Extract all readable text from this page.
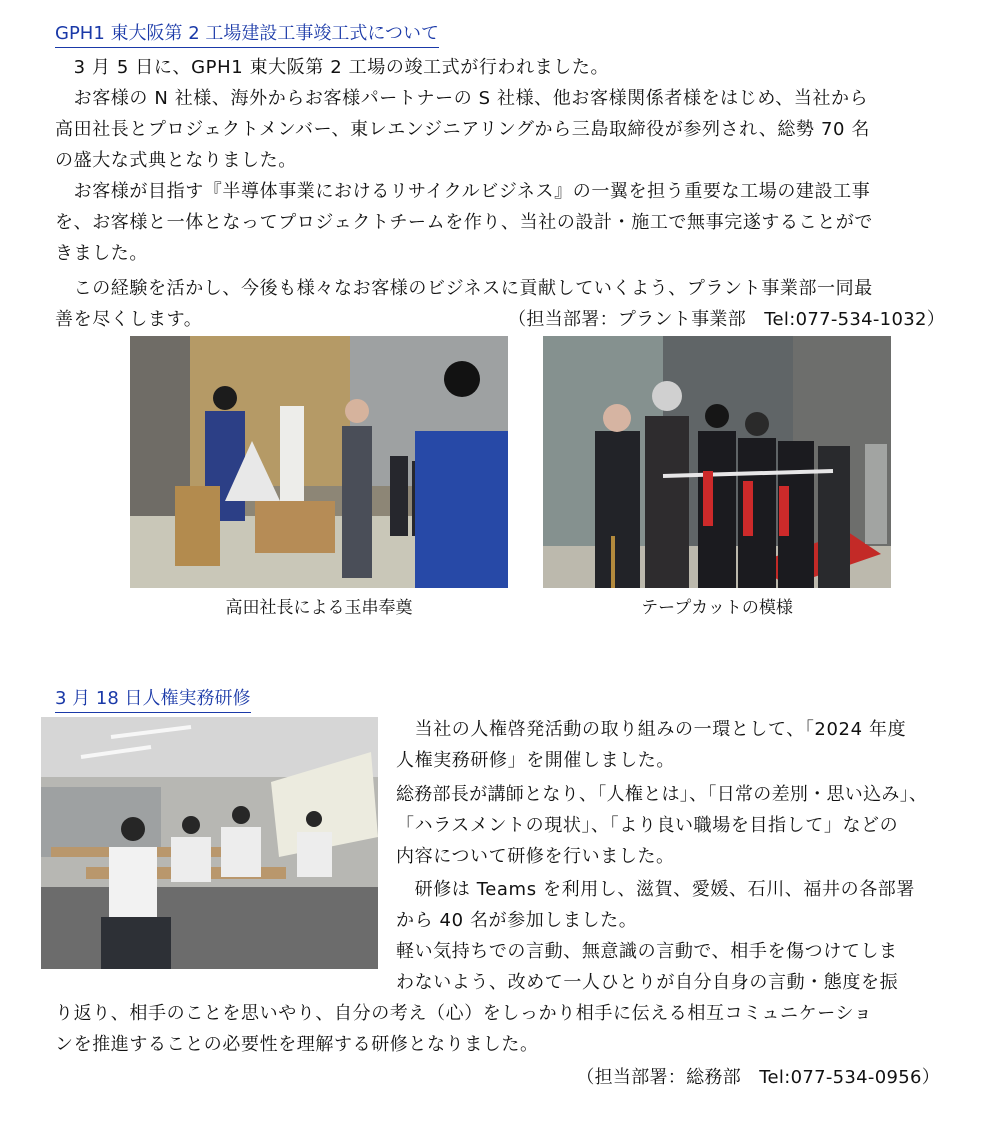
GPH1 東大阪第 2 工場建設工事竣工式について
　3 月 5 日に、GPH1 東大阪第 2 工場の竣工式が行われました。
　お客様の N 社様、海外からお客様パートナーの S 社様、他お客様関係者様をはじめ、当社から
高田社長とプロジェクトメンバー、東レエンジニアリングから三島取締役が参列され、総勢 70 名
の盛大な式典となりました。
　お客様が目指す『半導体事業におけるリサイクルビジネス』の一翼を担う重要な工場の建設工事
を、お客様と一体となってプロジェクトチームを作り、当社の設計・施工で無事完遂することがで
きました。
　この経験を活かし、今後も様々なお客様のビジネスに貢献していくよう、プラント事業部一同最
善を尽くします。	（担当部署：プラント事業部　Tel:077-534-1032）
高田社長による玉串奉奠	テープカットの模様
3 月 18 日人権実務研修
　当社の人権啓発活動の取り組みの一環として、「2024 年度
人権実務研修」を開催しました。
総務部長が講師となり、「人権とは」、「日常の差別・思い込み」、
「ハラスメントの現状」、「より良い職場を目指して」などの
内容について研修を行いました。
　研修は Teams を利用し、滋賀、愛媛、石川、福井の各部署
から 40 名が参加しました。
軽い気持ちでの言動、無意識の言動で、相手を傷つけてしま
わないよう、改めて一人ひとりが自分自身の言動・態度を振
り返り、相手のことを思いやり、自分の考え（心）をしっかり相手に伝える相互コミュニケーショ
ンを推進することの必要性を理解する研修となりました。
（担当部署：総務部　Tel:077-534-0956）
